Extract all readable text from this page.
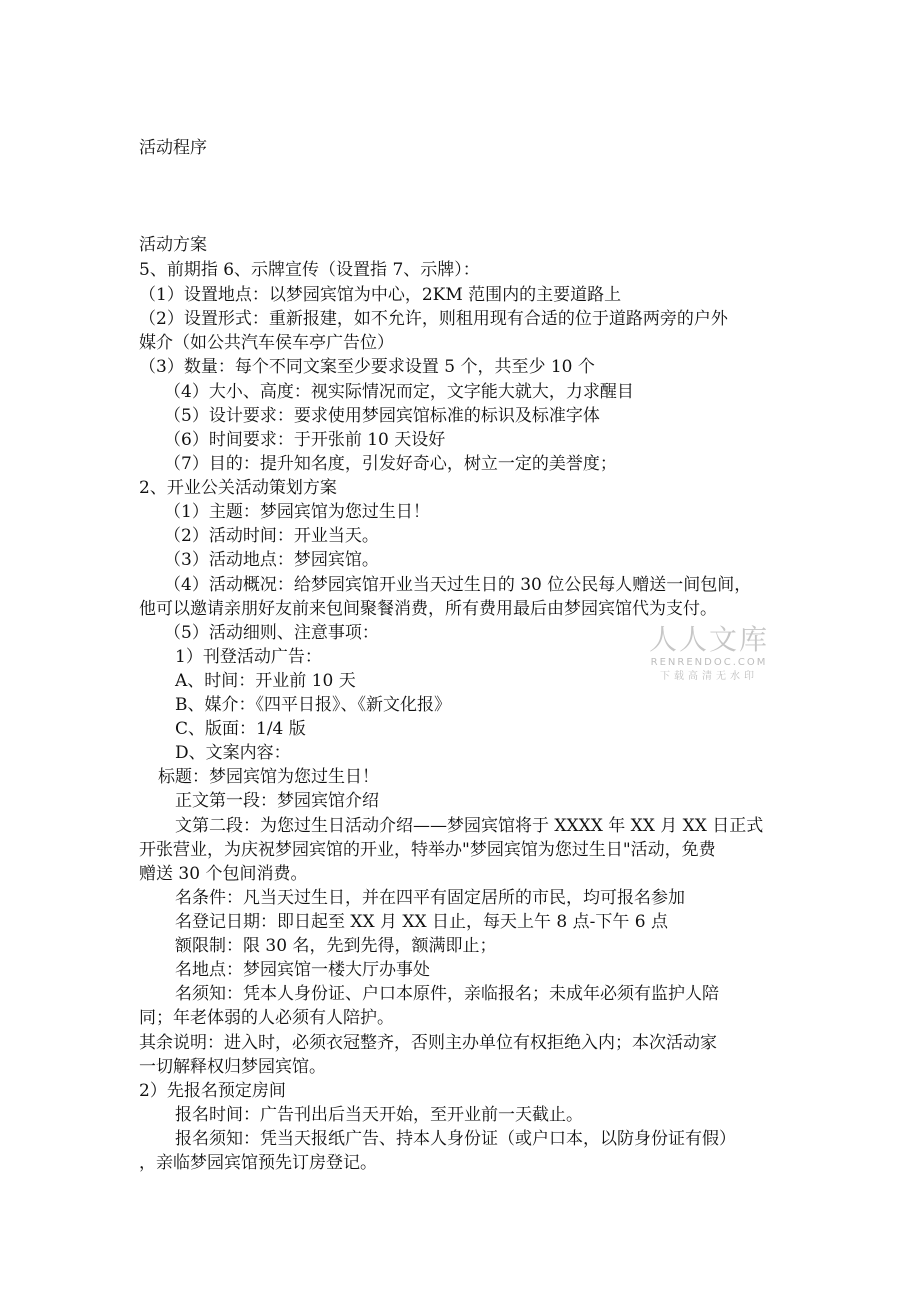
活动程序
活动方案
5、前期指 6、示牌宣传（设置指 7、示牌）：
（1）设置地点：以梦园宾馆为中心，2KM 范围内的主要道路上
（2）设置形式：重新报建，如不允许，则租用现有合适的位于道路两旁的户外
媒介（如公共汽车侯车亭广告位）
（3）数量：每个不同文案至少要求设置 5 个，共至少 10 个
（4）大小、高度：视实际情况而定，文字能大就大，力求醒目
（5）设计要求：要求使用梦园宾馆标准的标识及标准字体
（6）时间要求：于开张前 10 天设好
（7）目的：提升知名度，引发好奇心，树立一定的美誉度；
2、开业公关活动策划方案
（1）主题：梦园宾馆为您过生日！
（2）活动时间：开业当天。
（3）活动地点：梦园宾馆。
（4）活动概况：给梦园宾馆开业当天过生日的 30 位公民每人赠送一间包间，
他可以邀请亲朋好友前来包间聚餐消费，所有费用最后由梦园宾馆代为支付。
（5）活动细则、注意事项：
1）刊登活动广告：
A、时间：开业前 10 天
B、媒介：《四平日报》、《新文化报》
C、版面：1/4 版
D、文案内容：
标题：梦园宾馆为您过生日！
正文第一段：梦园宾馆介绍
文第二段：为您过生日活动介绍——梦园宾馆将于 XXXX 年 XX 月 XX 日正式
开张营业，为庆祝梦园宾馆的开业，特举办"梦园宾馆为您过生日"活动，免费
赠送 30 个包间消费。
名条件：凡当天过生日，并在四平有固定居所的市民，均可报名参加
名登记日期：即日起至 XX 月 XX 日止，每天上午 8 点-下午 6 点
额限制：限 30 名，先到先得，额满即止；
名地点：梦园宾馆一楼大厅办事处
名须知：凭本人身份证、户口本原件，亲临报名；未成年必须有监护人陪
同；年老体弱的人必须有人陪护。
其余说明：进入时，必须衣冠整齐，否则主办单位有权拒绝入内；本次活动家
一切解释权归梦园宾馆。
2）先报名预定房间
报名时间：广告刊出后当天开始，至开业前一天截止。
报名须知：凭当天报纸广告、持本人身份证（或户口本，以防身份证有假）
，亲临梦园宾馆预先订房登记。
人人文库
RENRENDOC.COM
下载高清无水印
